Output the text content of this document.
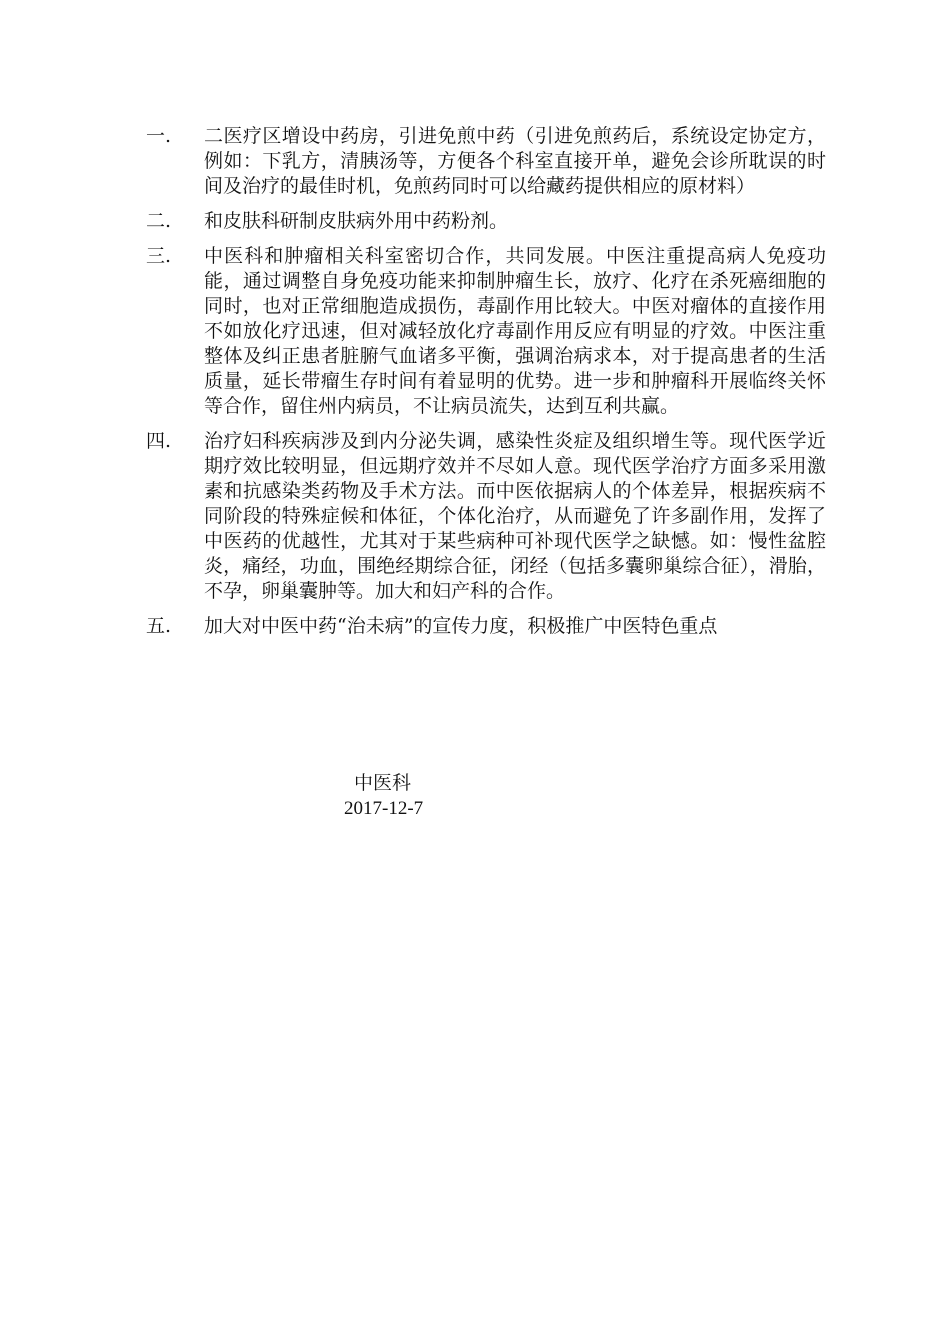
一.	二医疗区增设中药房，引进免煎中药（引进免煎药后，系统设定协定方，例如：下乳方，清胰汤等，方便各个科室直接开单，避免会诊所耽误的时间及治疗的最佳时机，免煎药同时可以给藏药提供相应的原材料）
二.	和皮肤科研制皮肤病外用中药粉剂。
三.	中医科和肿瘤相关科室密切合作，共同发展。中医注重提高病人免疫功能，通过调整自身免疫功能来抑制肿瘤生长，放疗、化疗在杀死癌细胞的同时，也对正常细胞造成损伤，毒副作用比较大。中医对瘤体的直接作用不如放化疗迅速，但对减轻放化疗毒副作用反应有明显的疗效。中医注重整体及纠正患者脏腑气血诸多平衡，强调治病求本，对于提高患者的生活质量，延长带瘤生存时间有着显明的优势。进一步和肿瘤科开展临终关怀等合作，留住州内病员，不让病员流失，达到互利共赢。
四.	治疗妇科疾病涉及到内分泌失调，感染性炎症及组织增生等。现代医学近期疗效比较明显，但远期疗效并不尽如人意。现代医学治疗方面多采用激素和抗感染类药物及手术方法。而中医依据病人的个体差异，根据疾病不同阶段的特殊症候和体征，个体化治疗，从而避免了许多副作用，发挥了中医药的优越性，尤其对于某些病种可补现代医学之缺憾。如：慢性盆腔炎，痛经，功血，围绝经期综合征，闭经（包括多囊卵巢综合征），滑胎，不孕，卵巢囊肿等。加大和妇产科的合作。
五.	加大对中医中药“治未病”的宣传力度，积极推广中医特色重点
中医科
2017-12-7
